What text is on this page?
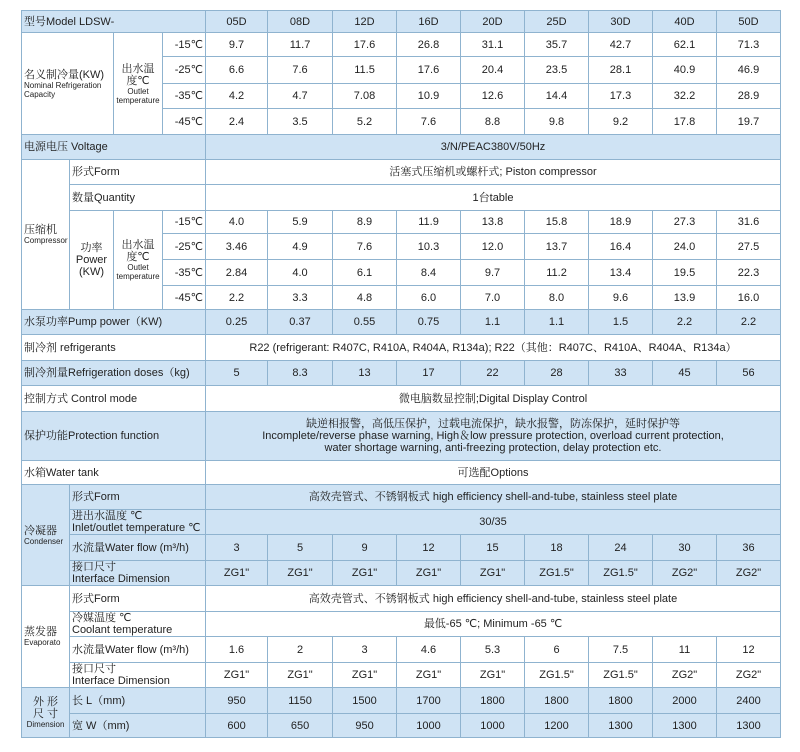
型号Model LDSW-				05D	08D	12D	16D	20D	25D	30D	40D	50D

名义制冷量(KW)
Nominal Refrigeration Capacity		出水温度℃
Outlet temperature	-15℃	9.7	11.7	17.6	26.8	31.1	35.7	42.7	62.1	71.3
			-25℃	6.6	7.6	11.5	17.6	20.4	23.5	28.1	40.9	46.9
			-35℃	4.2	4.7	7.08	10.9	12.6	14.4	17.3	32.2	28.9
			-45℃	2.4	3.5	5.2	7.6	8.8	9.8	9.2	17.8	19.7
电源电压 Voltage				3/N/PEAC380V/50Hz								

压缩机
Compressor	形式Form			活塞式压缩机或螺杆式; Piston compressor								
	数量Quantity			1台table								

	功率
Power
(KW)	出水温度℃
Outlet temperature	-15℃	4.0	5.9	8.9	11.9	13.8	15.8	18.9	27.3	31.6
			-25℃	3.46	4.9	7.6	10.3	12.0	13.7	16.4	24.0	27.5
			-35℃	2.84	4.0	6.1	8.4	9.7	11.2	13.4	19.5	22.3
			-45℃	2.2	3.3	4.8	6.0	7.0	8.0	9.6	13.9	16.0
水泵功率Pump power（KW)				0.25	0.37	0.55	0.75	1.1	1.1	1.5	2.2	2.2
制冷剂 refrigerants				R22 (refrigerant: R407C, R410A, R404A, R134a); R22（其他：R407C、R410A、R404A、R134a）								
制冷剂量Refrigeration doses（kg)				5	8.3	13	17	22	28	33	45	56
控制方式 Control mode				微电脑数显控制;Digital Display Control								
保护功能Protection function				缺逆相报警，高低压保护，过载电流保护，缺水报警，防冻保护，延时保护等
Incomplete/reverse phase warning, High＆low pressure protection, overload current protection,
water shortage warning, anti-freezing protection, delay protection etc.								

水箱Water tank				可选配Options								

冷凝器
Condenser	形式Form			高效壳管式、不锈钢板式 high efficiency shell-and-tube, stainless steel plate								

	进出水温度 ℃
Inlet/outlet temperature ℃			30/35								
	水流量Water flow (m³/h)			3	5	9	12	15	18	24	30	36

	接口尺寸
Interface Dimension			ZG1"	ZG1"	ZG1"	ZG1"	ZG1"	ZG1.5"	ZG1.5"	ZG2"	ZG2"

蒸发器
Evaporato	形式Form			高效壳管式、不锈钢板式 high efficiency shell-and-tube, stainless steel plate								

	冷媒温度 ℃
Coolant temperature			最低-65 ℃; Minimum -65 ℃								
	水流量Water flow (m³/h)			1.6	2	3	4.6	5.3	6	7.5	11	12

	接口尺寸
Interface Dimension			ZG1"	ZG1"	ZG1"	ZG1"	ZG1"	ZG1.5"	ZG1.5"	ZG2"	ZG2"

外 形
尺 寸
Dimension	长 L（mm)			950	1150	1500	1700	1800	1800	1800	2000	2400
	宽 W（mm)			600	650	950	1000	1000	1200	1300	1300	1300
